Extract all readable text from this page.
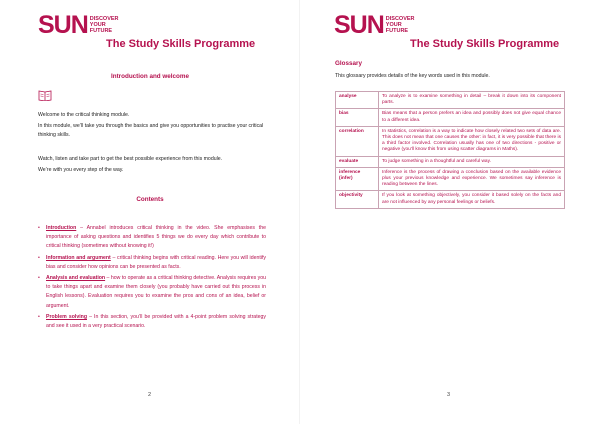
SUN DISCOVER
YOUR
FUTURE
The Study Skills Programme
Introduction and welcome
Welcome to the critical thinking module.
In this module, we’ll take you through the basics and give you opportunities to practise your critical thinking skills.
Watch, listen and take part to get the best possible experience from this module.
We’re with you every step of the way.
Contents
• Introduction – Annabel introduces critical thinking in the video. She emphasises the importance of asking questions and identifies 5 things we do every day which contribute to critical thinking (sometimes without knowing it!)
• Information and argument – critical thinking begins with critical reading. Here you will identify bias and consider how opinions can be presented as facts.
• Analysis and evaluation – how to operate as a critical thinking detective. Analysis requires you to take things apart and examine them closely (you probably have carried out this process in English lessons). Evaluation requires you to examine the pros and cons of an idea, belief or argument.
• Problem solving – In this section, you’ll be provided with a 4-point problem solving strategy and see it used in a very practical scenario.
2
SUN DISCOVER
YOUR
FUTURE
The Study Skills Programme
Glossary
This glossary provides details of the key words used in this module.
analyse	To analyze is to examine something in detail – break it down into its component parts.
bias	Bias means that a person prefers an idea and possibly does not give equal chance to a different idea.
correlation	In statistics, correlation is a way to indicate how closely related two sets of data are. This does not mean that one causes the other: in fact, it is very possible that there is a third factor involved. Correlation usually has one of two directions - positive or negative (you’ll know this from using scatter diagrams in Maths).
evaluate	To judge something in a thoughtful and careful way.
inference (infer)	Inference is the process of drawing a conclusion based on the available evidence plus your previous knowledge and experience. We sometimes say inference is reading between the lines.
objectivity	If you look at something objectively, you consider it based solely on the facts and are not influenced by any personal feelings or beliefs.
3
